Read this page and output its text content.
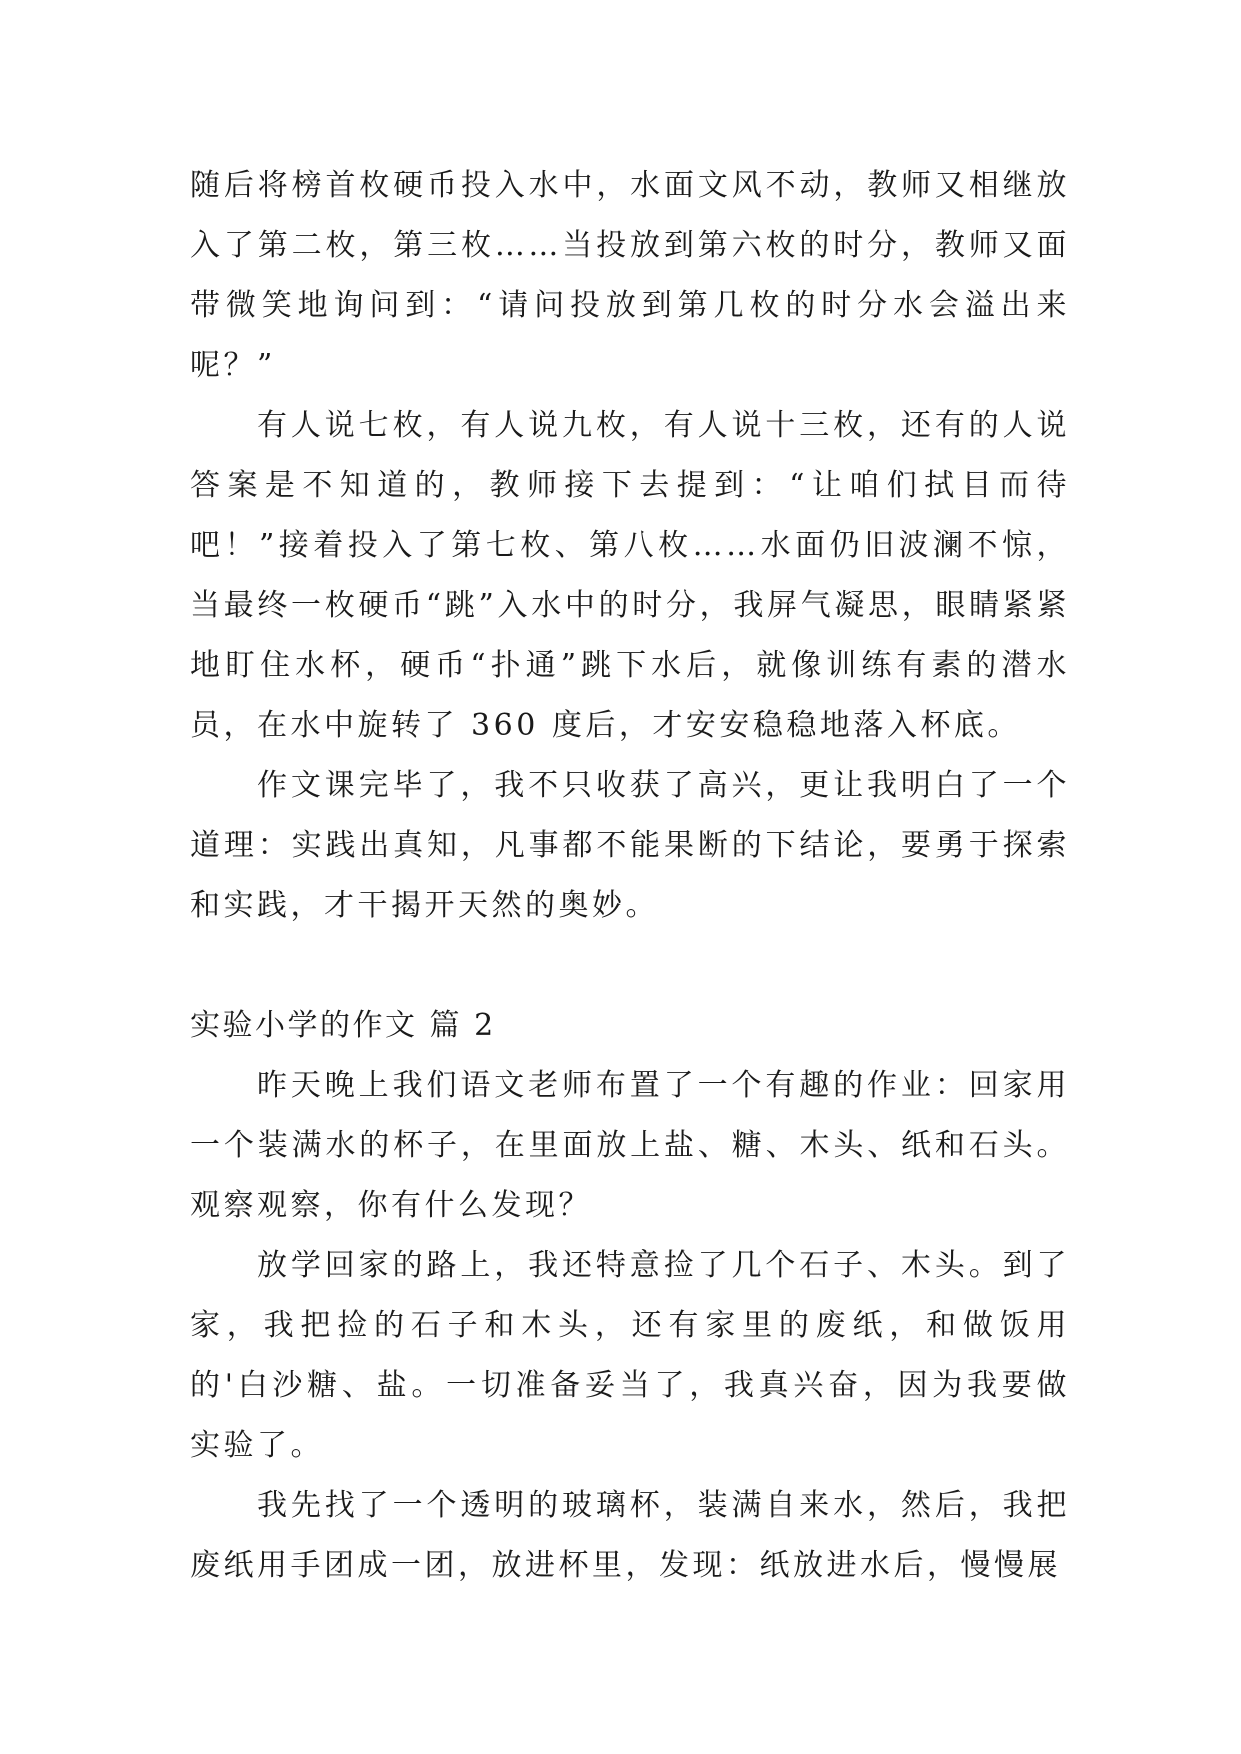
随后将榜首枚硬币投入水中，水面文风不动，教师又相继放入了第二枚，第三枚……当投放到第六枚的时分，教师又面带微笑地询问到：“请问投放到第几枚的时分水会溢出来呢？”

有人说七枚，有人说九枚，有人说十三枚，还有的人说答案是不知道的，教师接下去提到：“让咱们拭目而待吧！”接着投入了第七枚、第八枚……水面仍旧波澜不惊，当最终一枚硬币“跳”入水中的时分，我屏气凝思，眼睛紧紧地盯住水杯，硬币“扑通”跳下水后，就像训练有素的潜水员，在水中旋转了 360 度后，才安安稳稳地落入杯底。

作文课完毕了，我不只收获了高兴，更让我明白了一个道理：实践出真知，凡事都不能果断的下结论，要勇于探索和实践，才干揭开天然的奥妙。

实验小学的作文 篇 2

昨天晚上我们语文老师布置了一个有趣的作业：回家用一个装满水的杯子，在里面放上盐、糖、木头、纸和石头。观察观察，你有什么发现？

放学回家的路上，我还特意捡了几个石子、木头。到了家，我把捡的石子和木头，还有家里的废纸，和做饭用的'白沙糖、盐。一切准备妥当了，我真兴奋，因为我要做实验了。

我先找了一个透明的玻璃杯，装满自来水，然后，我把废纸用手团成一团，放进杯里，发现：纸放进水后，慢慢展
